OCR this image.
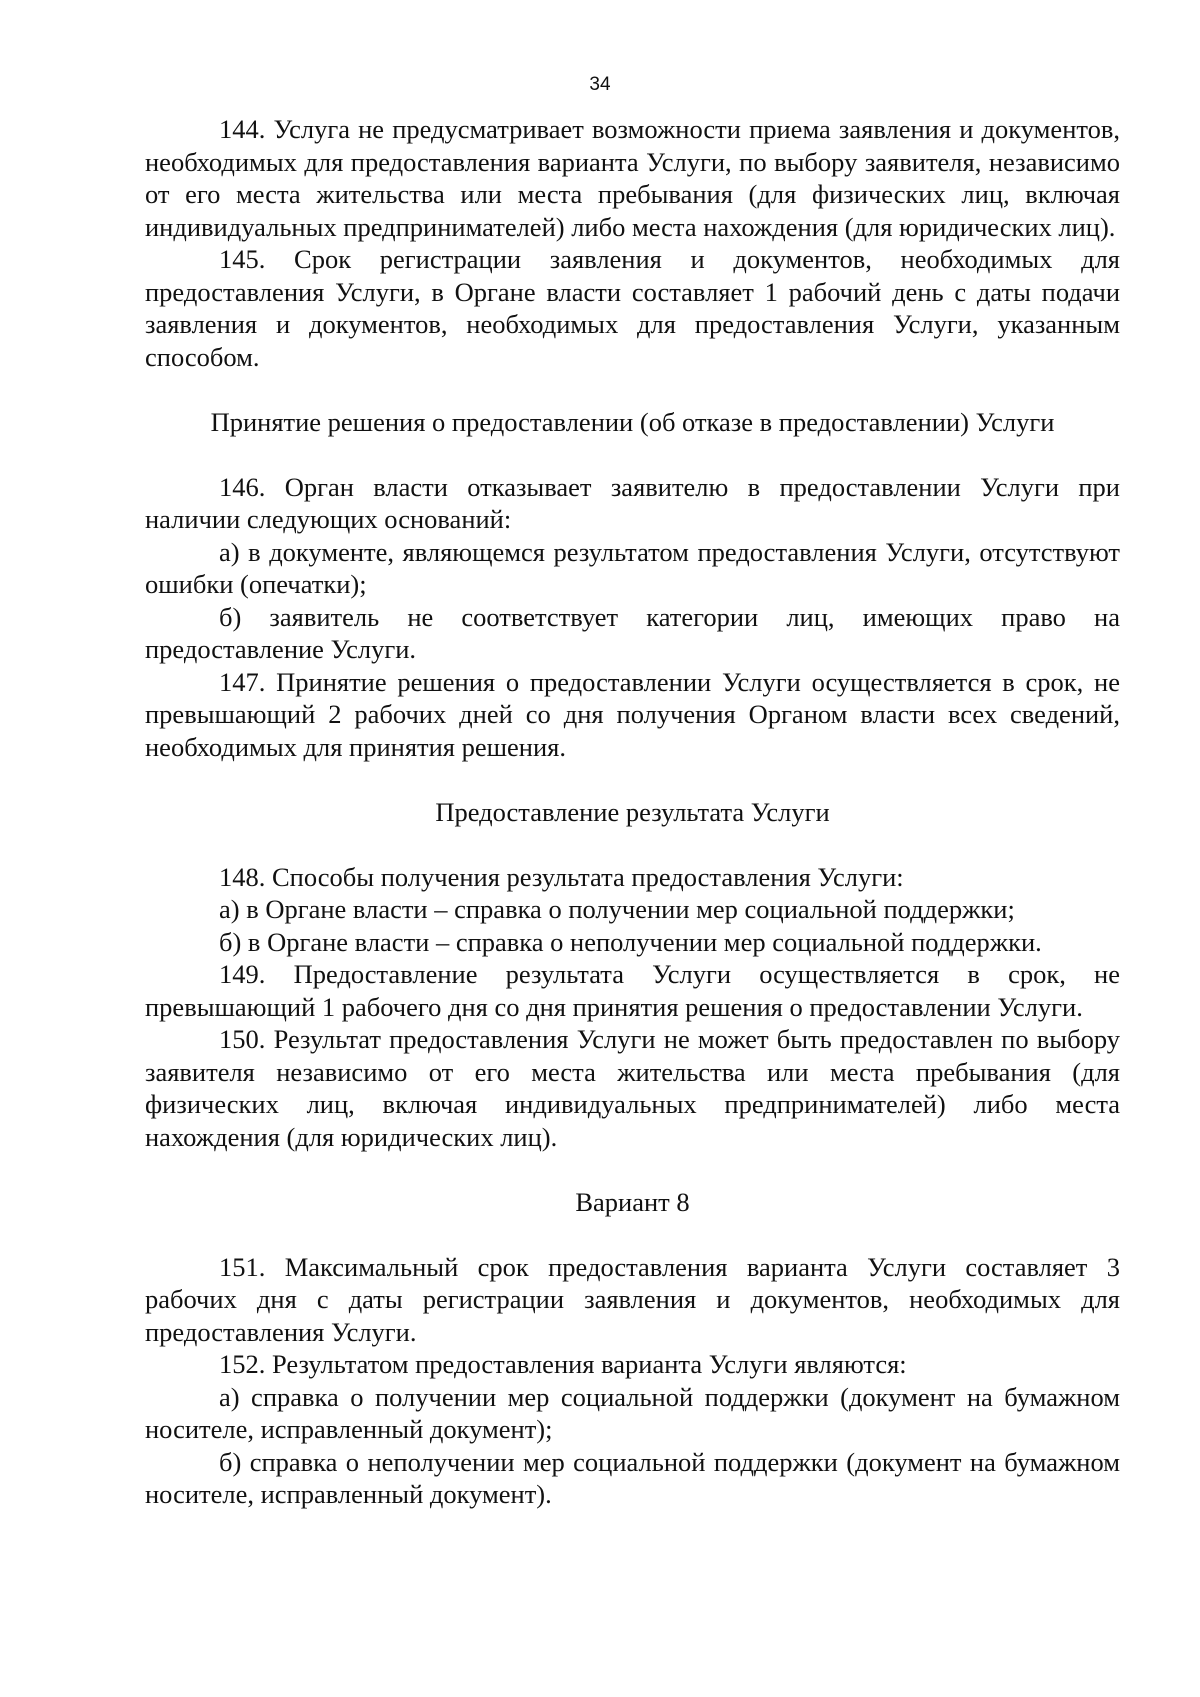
34

144. Услуга не предусматривает возможности приема заявления и документов, необходимых для предоставления варианта Услуги, по выбору заявителя, независимо от его места жительства или места пребывания (для физических лиц, включая индивидуальных предпринимателей) либо места нахождения (для юридических лиц).

145. Срок регистрации заявления и документов, необходимых для предоставления Услуги, в Органе власти составляет 1 рабочий день с даты подачи заявления и документов, необходимых для предоставления Услуги, указанным способом.

Принятие решения о предоставлении (об отказе в предоставлении) Услуги

146. Орган власти отказывает заявителю в предоставлении Услуги при наличии следующих оснований:

а) в документе, являющемся результатом предоставления Услуги, отсутствуют ошибки (опечатки);

б) заявитель не соответствует категории лиц, имеющих право на предоставление Услуги.

147. Принятие решения о предоставлении Услуги осуществляется в срок, не превышающий 2 рабочих дней со дня получения Органом власти всех сведений, необходимых для принятия решения.

Предоставление результата Услуги

148. Способы получения результата предоставления Услуги:

а) в Органе власти – справка о получении мер социальной поддержки;

б) в Органе власти – справка о неполучении мер социальной поддержки.

149. Предоставление результата Услуги осуществляется в срок, не превышающий 1 рабочего дня со дня принятия решения о предоставлении Услуги.

150. Результат предоставления Услуги не может быть предоставлен по выбору заявителя независимо от его места жительства или места пребывания (для физических лиц, включая индивидуальных предпринимателей) либо места нахождения (для юридических лиц).

Вариант 8

151. Максимальный срок предоставления варианта Услуги составляет 3 рабочих дня с даты регистрации заявления и документов, необходимых для предоставления Услуги.

152. Результатом предоставления варианта Услуги являются:

а) справка о получении мер социальной поддержки (документ на бумажном носителе, исправленный документ);

б) справка о неполучении мер социальной поддержки (документ на бумажном носителе, исправленный документ).
